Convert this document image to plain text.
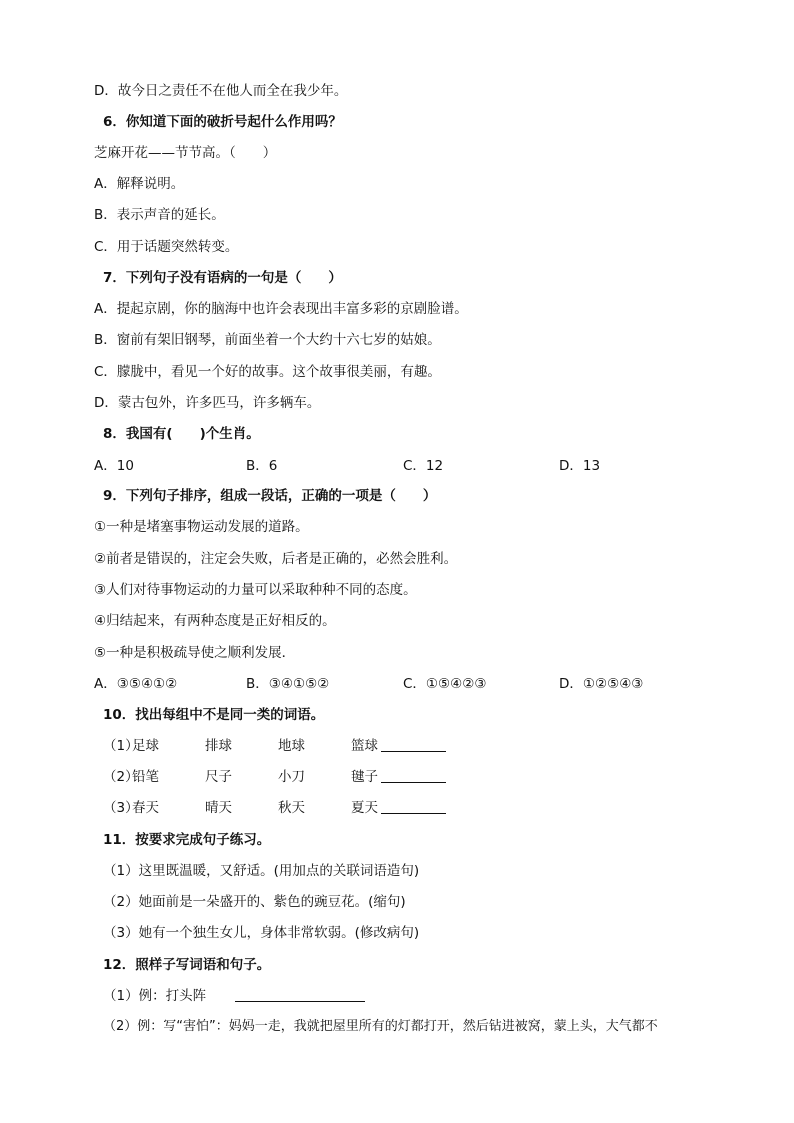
D．故今日之责任不在他人而全在我少年。
6．你知道下面的破折号起什么作用吗？
芝麻开花——节节高。（　　）
A．解释说明。
B．表示声音的延长。
C．用于话题突然转变。
7．下列句子没有语病的一句是（　　）
A．提起京剧，你的脑海中也许会表现出丰富多彩的京剧脸谱。
B．窗前有架旧钢琴，前面坐着一个大约十六七岁的姑娘。
C．朦胧中，看见一个好的故事。这个故事很美丽，有趣。
D．蒙古包外，许多匹马，许多辆车。
8．我国有(　　)个生肖。
A．10	B．6	C．12	D．13
9．下列句子排序，组成一段话，正确的一项是（　　）
①一种是堵塞事物运动发展的道路。
②前者是错误的，注定会失败，后者是正确的，必然会胜利。
③人们对待事物运动的力量可以采取种种不同的态度。
④归结起来，有两种态度是正好相反的。
⑤一种是积极疏导使之顺利发展．
A．③⑤④①②	B．③④①⑤②	C．①⑤④②③	D．①②⑤④③
10．找出每组中不是同一类的词语。
（1）
足球	排球	地球	篮球
（2）
铅笔	尺子	小刀	毽子
（3）
春天	晴天	秋天	夏天
11．按要求完成句子练习。
（1）这里既温暖，又舒适。(用加点的关联词语造句)
（2）她面前是一朵盛开的、紫色的豌豆花。(缩句)
（3）她有一个独生女儿，身体非常软弱。(修改病句)
12．照样子写词语和句子。
（1）例：打头阵
（2）例：写“害怕”：妈妈一走，我就把屋里所有的灯都打开，然后钻进被窝，蒙上头，大气都不
